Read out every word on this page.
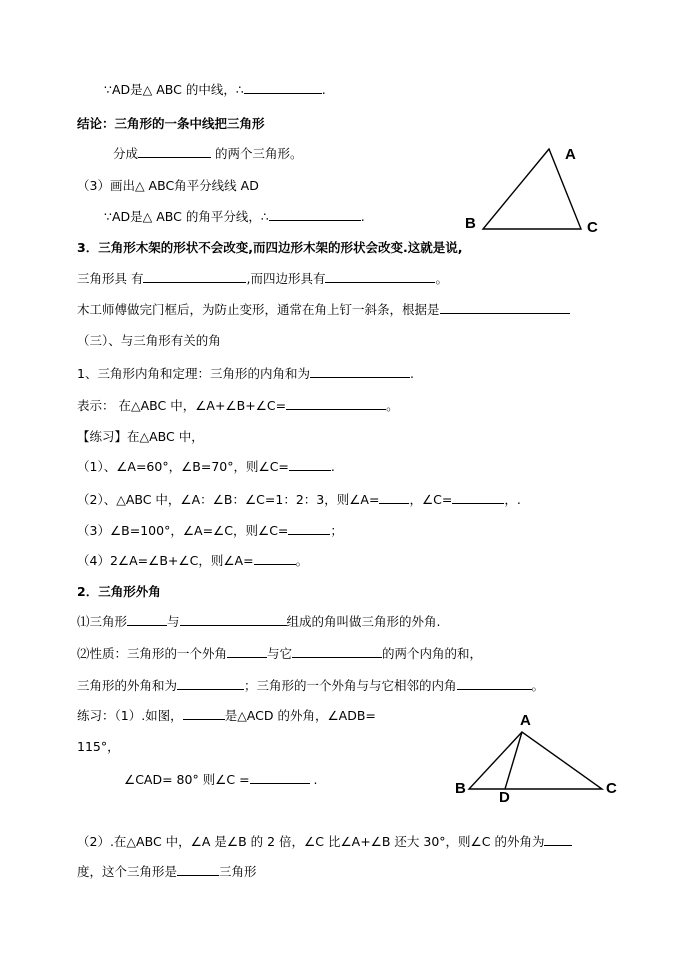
∵AD是△ ABC 的中线，∴	.
结论：三角形的一条中线把三角形
分成	的两个三角形。
（3）画出△ ABC角平分线线 AD
∵AD是△ ABC 的角平分线，∴	.
A
B	C
3．三角形木架的形状不会改变,而四边形木架的形状会改变.这就是说,
三角形具 有	,而四边形具有	。
木工师傅做完门框后，为防止变形，通常在角上钉一斜条，根据是
（三）、与三角形有关的角
1、三角形内角和定理：三角形的内角和为	.
表示： 在△ABC 中，∠A+∠B+∠C=	。
【练习】在△ABC 中，
（1）、∠A=60°，∠B=70°，则∠C=	.
（2）、△ABC 中，∠A：∠B：∠C=1：2：3，则∠A= ，∠C=	，.
（3）∠B=100°，∠A=∠C，则∠C=	；
（4）2∠A=∠B+∠C，则∠A=	。
2．三角形外角
⑴三角形	与	组成的角叫做三角形的外角.
⑵性质：三角形的一个外角	与它	的两个内角的和，
三角形的外角和为	；三角形的一个外角与与它相邻的内角	。
练习：（1）.如图，	是△ACD 的外角，∠ADB=
115°，
∠CAD= 80° 则∠C =	.
A
B
D
C
（2）.在△ABC 中，∠A 是∠B 的 2 倍，∠C 比∠A+∠B 还大 30°，则∠C 的外角为
度，这个三角形是	三角形
